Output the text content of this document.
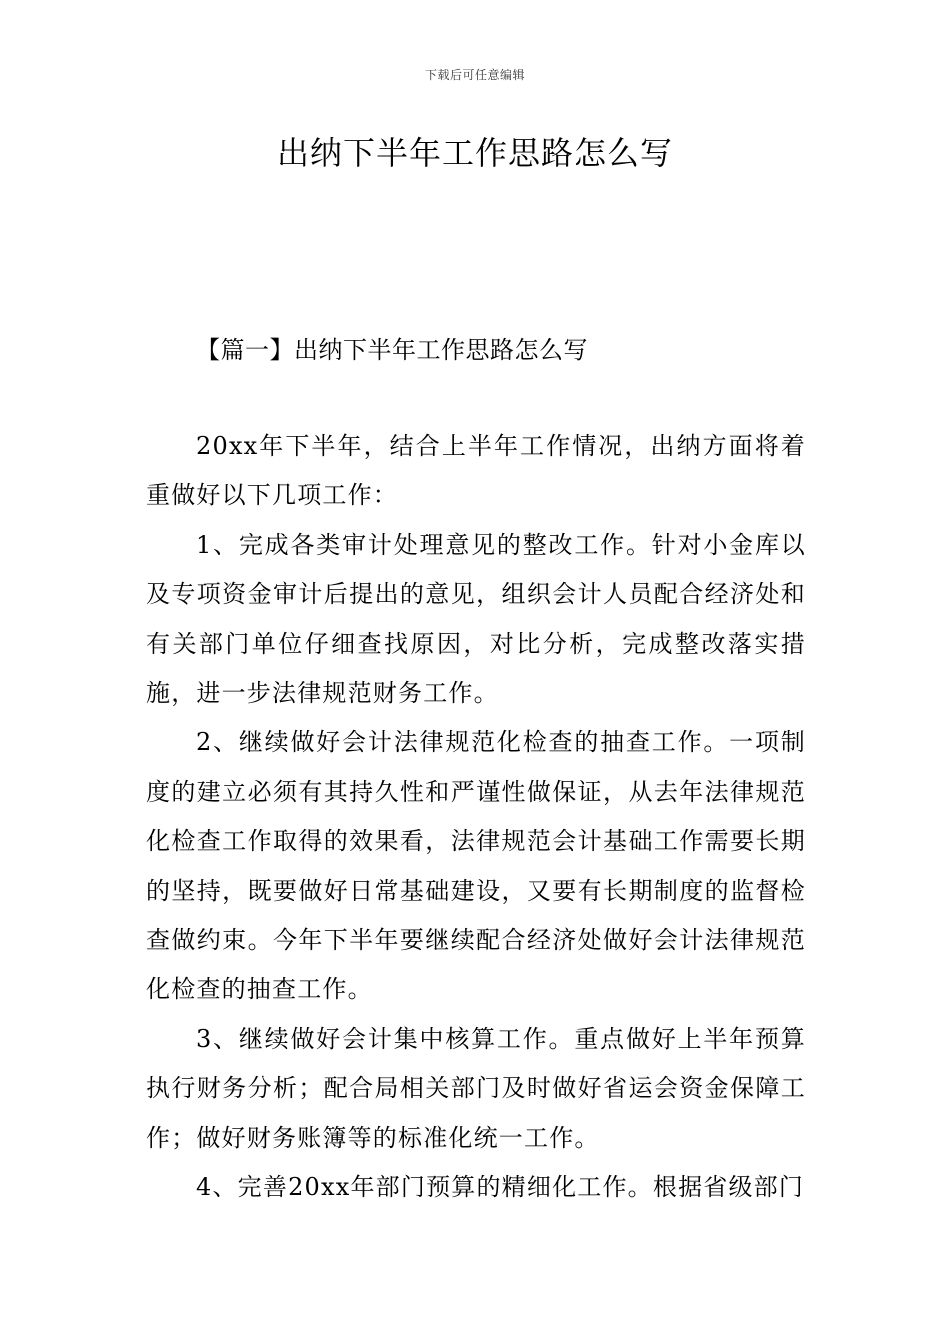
下载后可任意编辑
出纳下半年工作思路怎么写
【篇一】出纳下半年工作思路怎么写

20xx年下半年，结合上半年工作情况，出纳方面将着重做好以下几项工作：

1、完成各类审计处理意见的整改工作。针对小金库以及专项资金审计后提出的意见，组织会计人员配合经济处和有关部门单位仔细查找原因，对比分析，完成整改落实措施，进一步法律规范财务工作。

2、继续做好会计法律规范化检查的抽查工作。一项制度的建立必须有其持久性和严谨性做保证，从去年法律规范化检查工作取得的效果看，法律规范会计基础工作需要长期的坚持，既要做好日常基础建设，又要有长期制度的监督检查做约束。今年下半年要继续配合经济处做好会计法律规范化检查的抽查工作。

3、继续做好会计集中核算工作。重点做好上半年预算执行财务分析；配合局相关部门及时做好省运会资金保障工作；做好财务账簿等的标准化统一工作。

4、完善20xx年部门预算的精细化工作。根据省级部门
